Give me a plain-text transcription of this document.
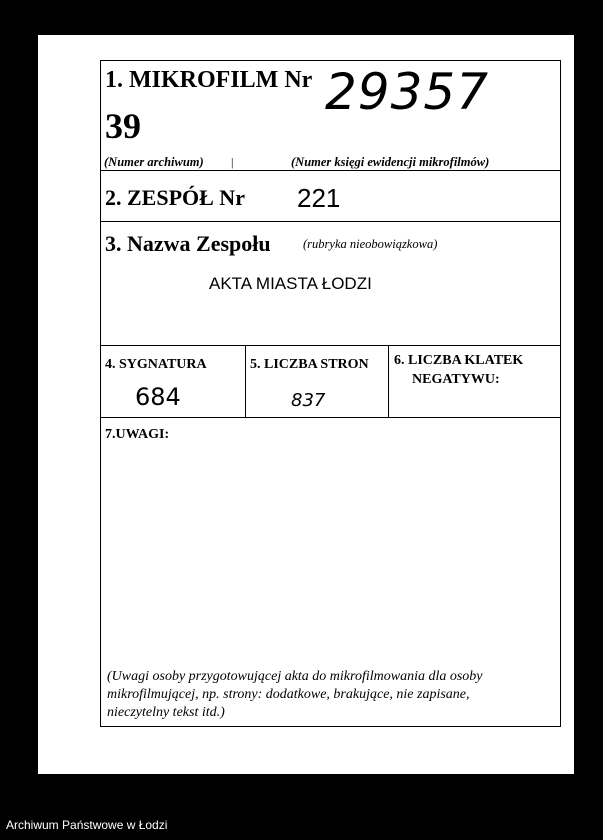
1. MIKROFILM Nr
39
29357
(Numer archiwum) |	(Numer księgi ewidencji mikrofilmów)
2. ZESPÓŁ Nr 221
3. Nazwa Zespołu	(rubryka nieobowiązkowa)
AKTA MIASTA ŁODZI
4. SYGNATURA
684
5. LICZBA STRON
837
6. LICZBA KLATEK
NEGATYWU:
7.UWAGI:
(Uwagi osoby przygotowującej akta do mikrofilmowania dla osoby
mikrofilmującej, np. strony: dodatkowe, brakujące, nie zapisane,
nieczytelny tekst itd.)
Archiwum Państwowe w Łodzi
